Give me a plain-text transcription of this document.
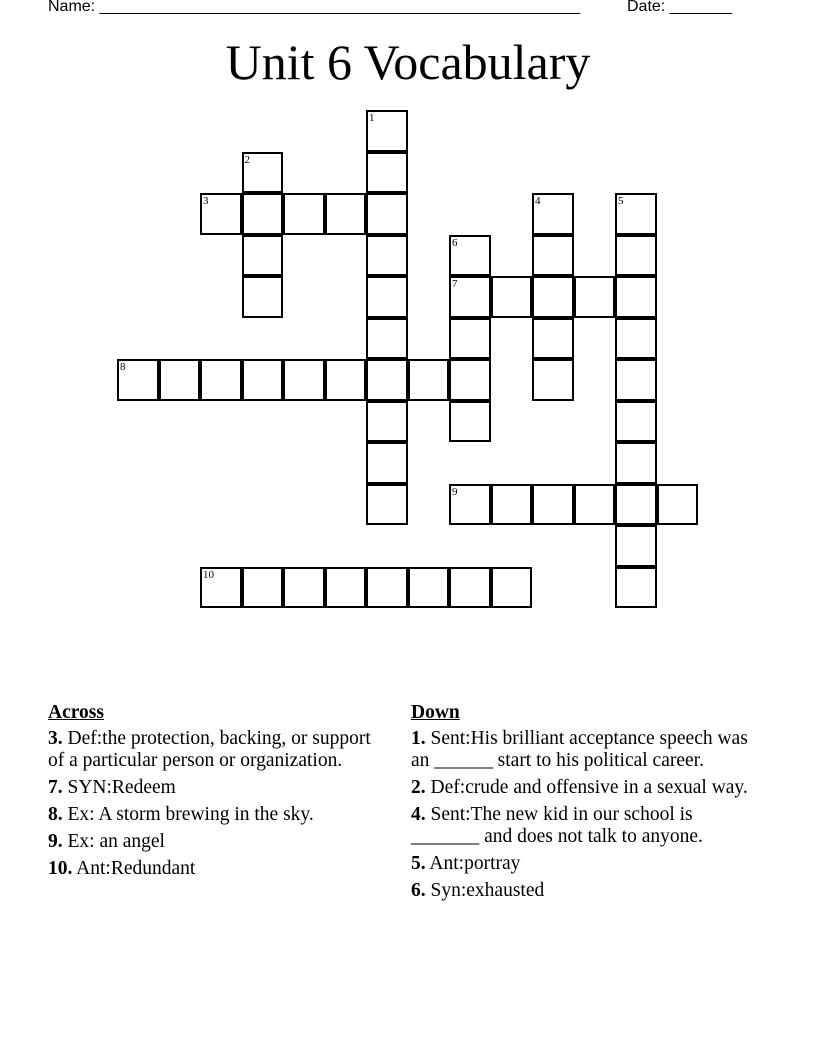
Name: ______________________________________________________	Date: _______
Unit 6 Vocabulary
1
2
3	4	5
6
7
8
9
10
Across
3. Def:the protection, backing, or support of a particular person or organization.
7. SYN:Redeem
8. Ex: A storm brewing in the sky.
9. Ex: an angel
10. Ant:Redundant
Down
1. Sent:His brilliant acceptance speech was an ______ start to his political career.
2. Def:crude and offensive in a sexual way.
4. Sent:The new kid in our school is _______ and does not talk to anyone.
5. Ant:portray
6. Syn:exhausted
